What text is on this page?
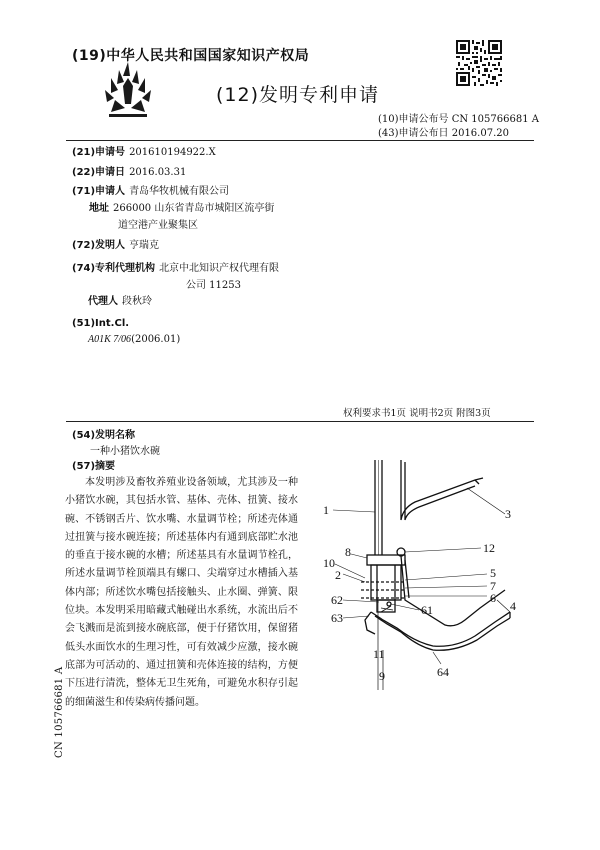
(19)中华人民共和国国家知识产权局
(12)发明专利申请
(10)申请公布号 CN 105766681 A
(43)申请公布日 2016.07.20
(21)申请号 201610194922.X
(22)申请日 2016.03.31
(71)申请人 青岛华牧机械有限公司
地址 266000 山东省青岛市城阳区流亭街
道空港产业聚集区
(72)发明人 亨瑞克
(74)专利代理机构 北京中北知识产权代理有限
公司 11253
代理人 段秋玲
(51)Int.Cl.
A01K 7/06(2006.01)
权利要求书1页 说明书2页 附图3页
(54)发明名称
一种小猪饮水碗
(57)摘要

本发明涉及畜牧养殖业设备领域，尤其涉及一种小猪饮水碗，其包括水管、基体、壳体、扭簧、接水碗、不锈钢舌片、饮水嘴、水量调节栓；所述壳体通过扭簧与接水碗连接；所述基体内有通到底部贮水池的垂直于接水碗的水槽；所述基具有水量调节栓孔，所述水量调节栓顶端具有螺口、尖端穿过水槽插入基体内部；所述饮水嘴包括接触头、止水圈、弹簧、限位块。本发明采用暗藏式触碰出水系统，水流出后不会飞溅而是流到接水碗底部，便于仔猪饮用，保留猪低头水面饮水的生理习性，可有效减少应激，接水碗底部为可活动的、通过扭簧和壳体连接的结构，方便下压进行清洗，整体无卫生死角，可避免水积存引起的细菌滋生和传染病传播问题。

CN 105766681 A
1	3
8	12
10
2	5
7
6
4
62
61
63
11
64
9
